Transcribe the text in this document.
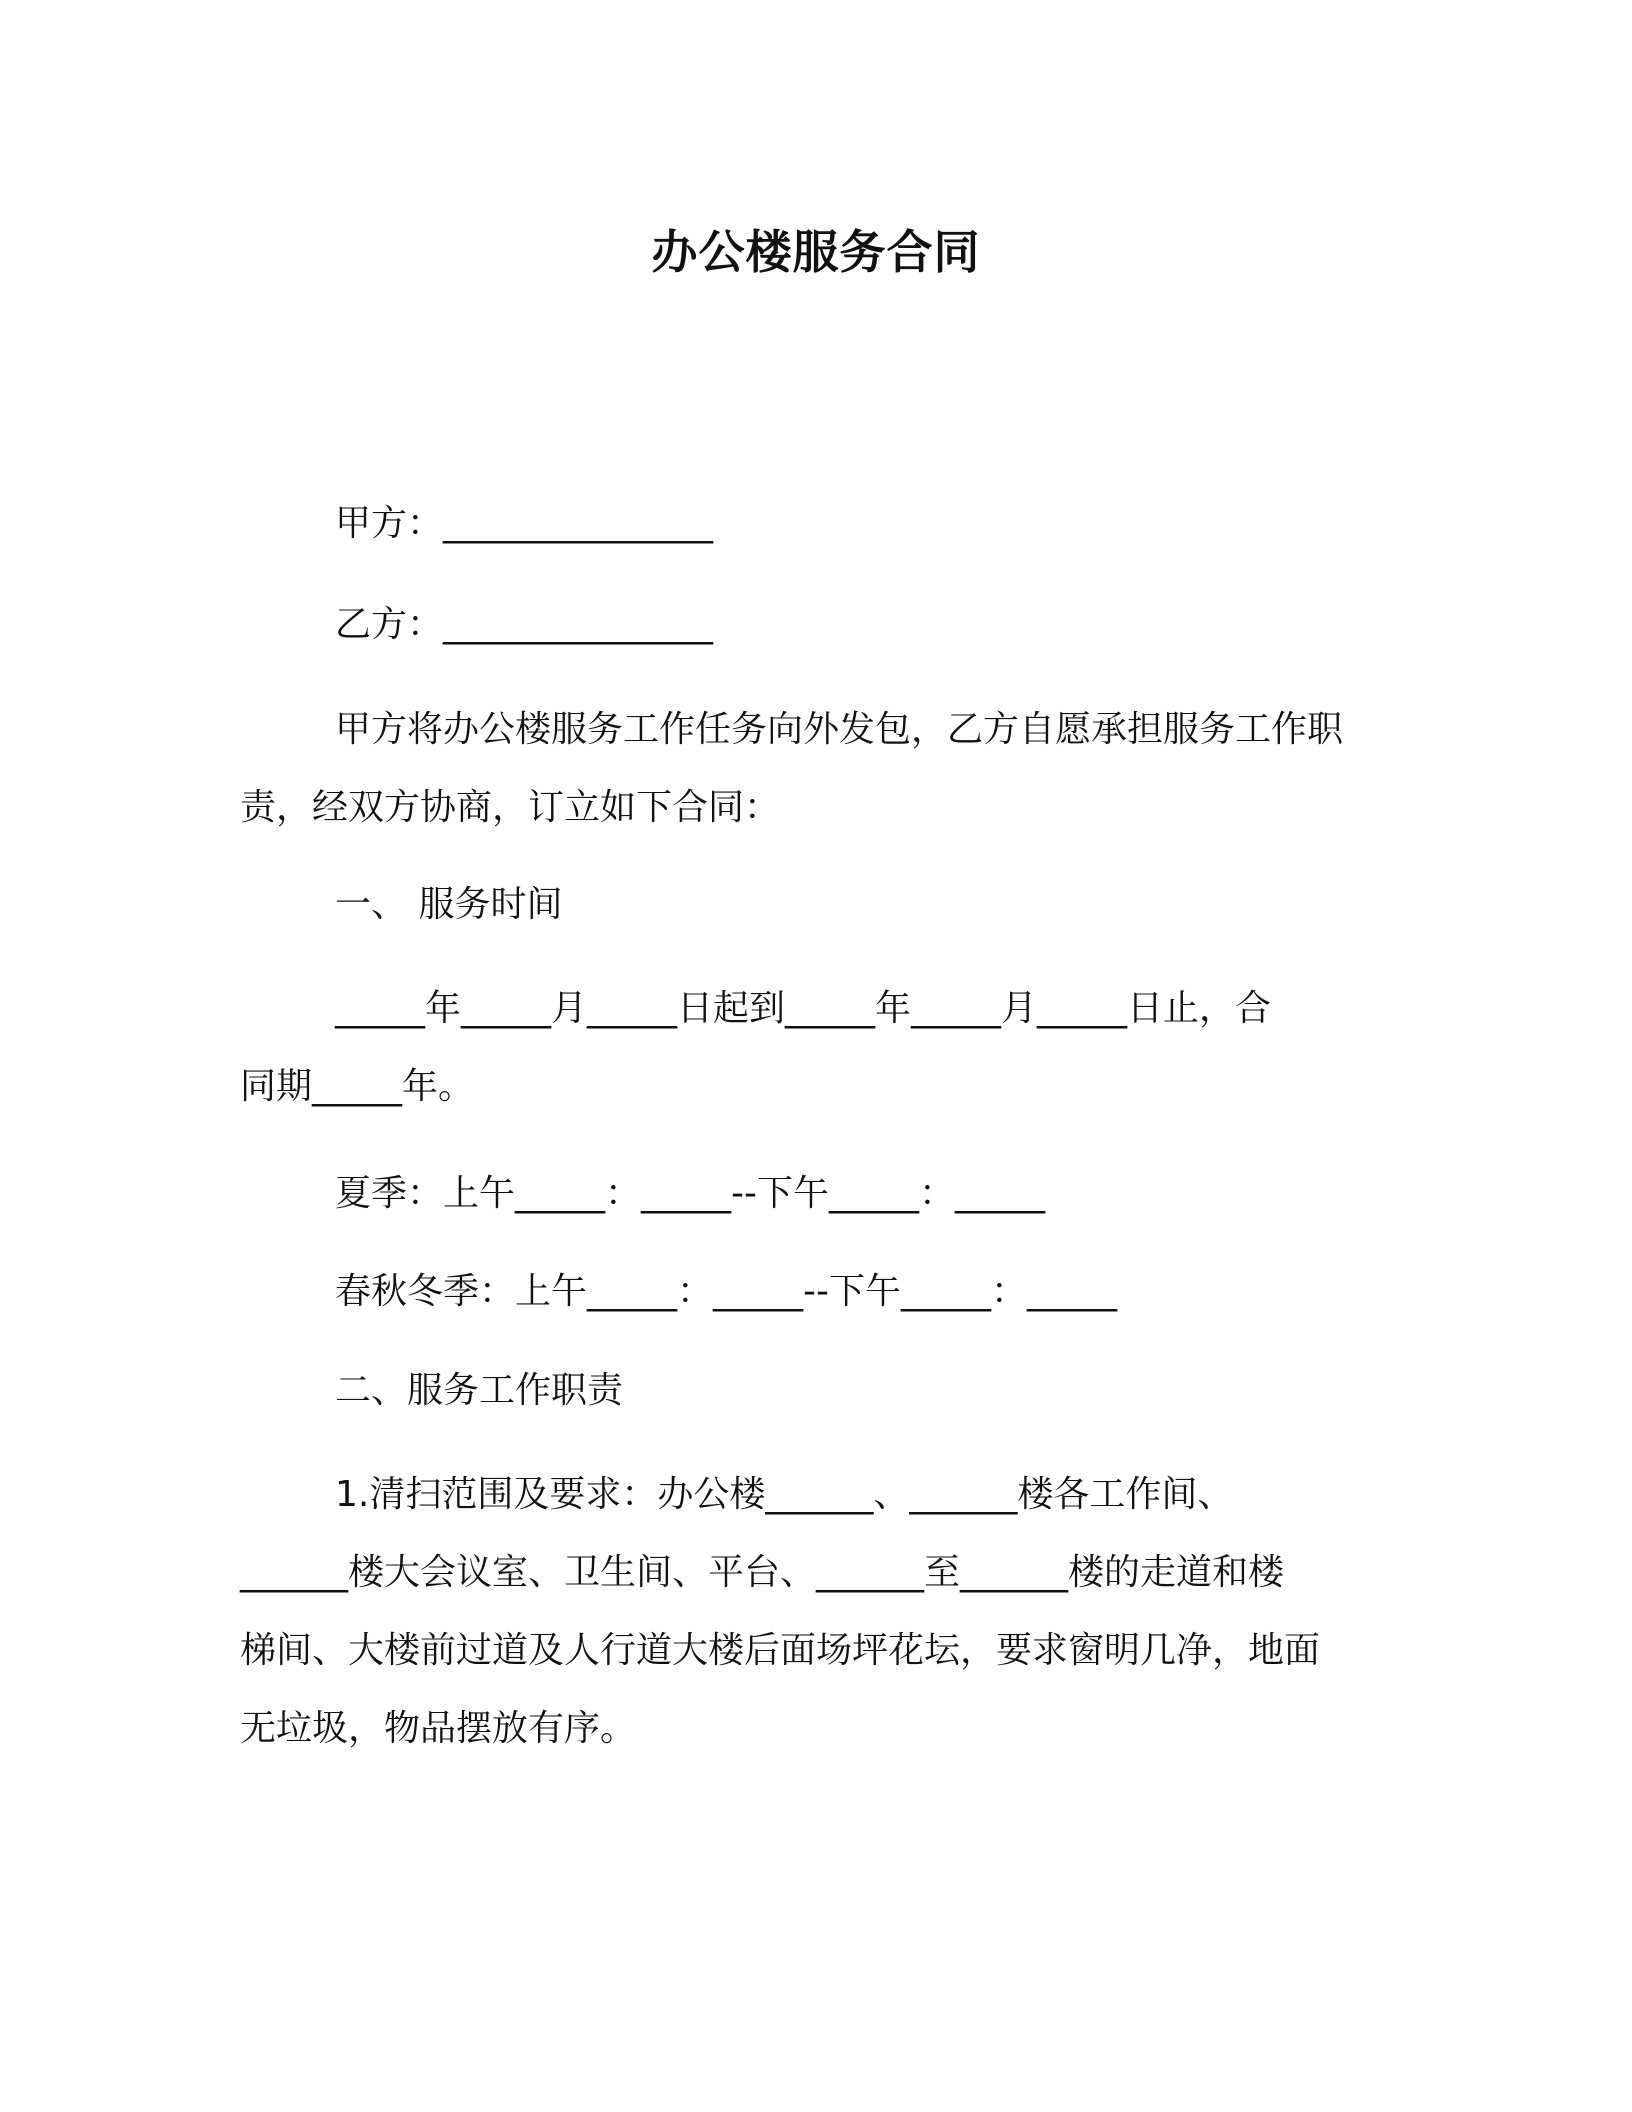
办公楼服务合同
甲方：_______________
乙方：_______________
甲方将办公楼服务工作任务向外发包，乙方自愿承担服务工作职
责，经双方协商，订立如下合同：
一、 服务时间
_____年_____月_____日起到_____年_____月_____日止，合
同期_____年。
夏季：上午_____：_____--下午_____：_____
春秋冬季：上午_____：_____--下午_____：_____
二、服务工作职责
1.清扫范围及要求：办公楼______、______楼各工作间、
______楼大会议室、卫生间、平台、______至______楼的走道和楼
梯间、大楼前过道及人行道大楼后面场坪花坛，要求窗明几净，地面
无垃圾，物品摆放有序。
